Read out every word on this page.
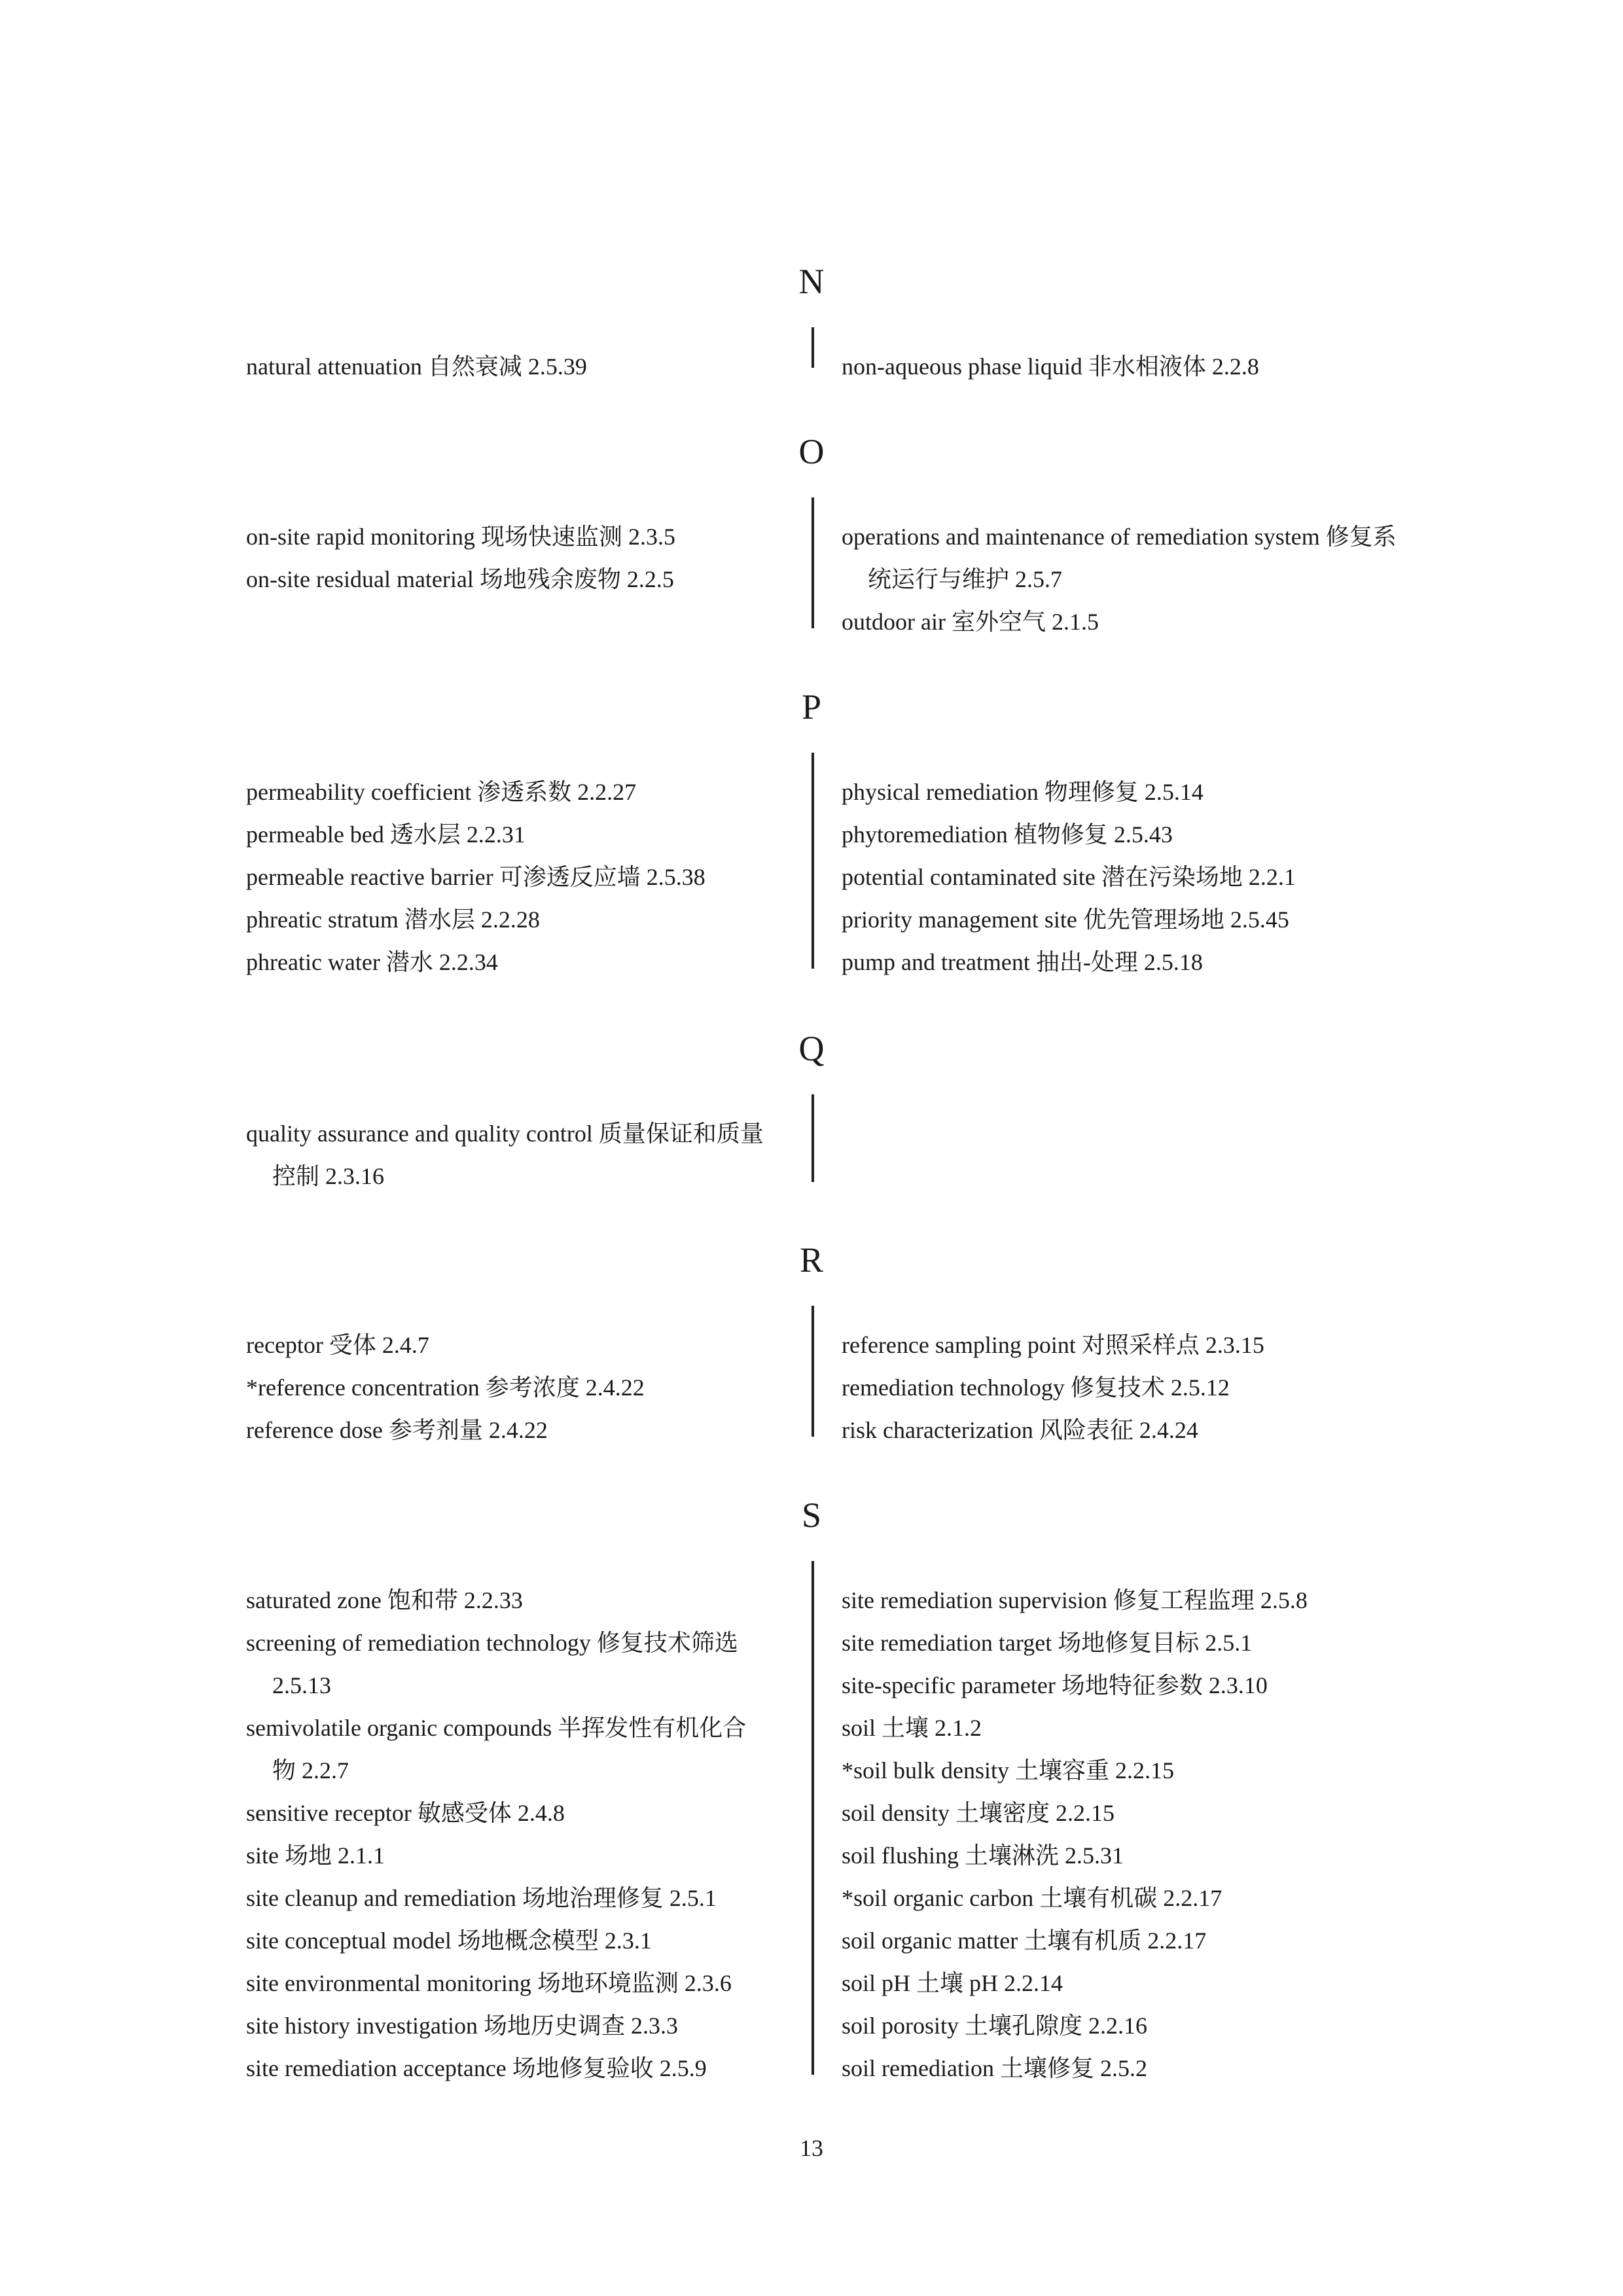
N

natural attenuation 自然衰减 2.5.39	non-aqueous phase liquid 非水相液体 2.2.8

O

on-site rapid monitoring 现场快速监测 2.3.5

on-site residual material 场地残余废物 2.2.5

operations and maintenance of remediation system 修复系统运行与维护 2.5.7

outdoor air 室外空气 2.1.5

P

permeability coefficient 渗透系数 2.2.27

permeable bed 透水层 2.2.31

permeable reactive barrier 可渗透反应墙 2.5.38

phreatic stratum 潜水层 2.2.28

phreatic water 潜水 2.2.34

physical remediation 物理修复 2.5.14

phytoremediation 植物修复 2.5.43

potential contaminated site 潜在污染场地 2.2.1

priority management site 优先管理场地 2.5.45

pump and treatment 抽出-处理 2.5.18

Q

quality assurance and quality control 质量保证和质量控制 2.3.16

R

receptor 受体 2.4.7

*reference concentration 参考浓度 2.4.22

reference dose 参考剂量 2.4.22

reference sampling point 对照采样点 2.3.15

remediation technology 修复技术 2.5.12

risk characterization 风险表征 2.4.24

S

saturated zone 饱和带 2.2.33

screening of remediation technology 修复技术筛选 2.5.13

semivolatile organic compounds 半挥发性有机化合物 2.2.7

sensitive receptor 敏感受体 2.4.8

site 场地 2.1.1

site cleanup and remediation 场地治理修复 2.5.1

site conceptual model 场地概念模型 2.3.1

site environmental monitoring 场地环境监测 2.3.6

site history investigation 场地历史调查 2.3.3

site remediation acceptance 场地修复验收 2.5.9

site remediation supervision 修复工程监理 2.5.8

site remediation target 场地修复目标 2.5.1

site-specific parameter 场地特征参数 2.3.10

soil 土壤 2.1.2

*soil bulk density 土壤容重 2.2.15

soil density 土壤密度 2.2.15

soil flushing 土壤淋洗 2.5.31

*soil organic carbon 土壤有机碳 2.2.17

soil organic matter 土壤有机质 2.2.17

soil pH 土壤 pH 2.2.14

soil porosity 土壤孔隙度 2.2.16

soil remediation 土壤修复 2.5.2

13
